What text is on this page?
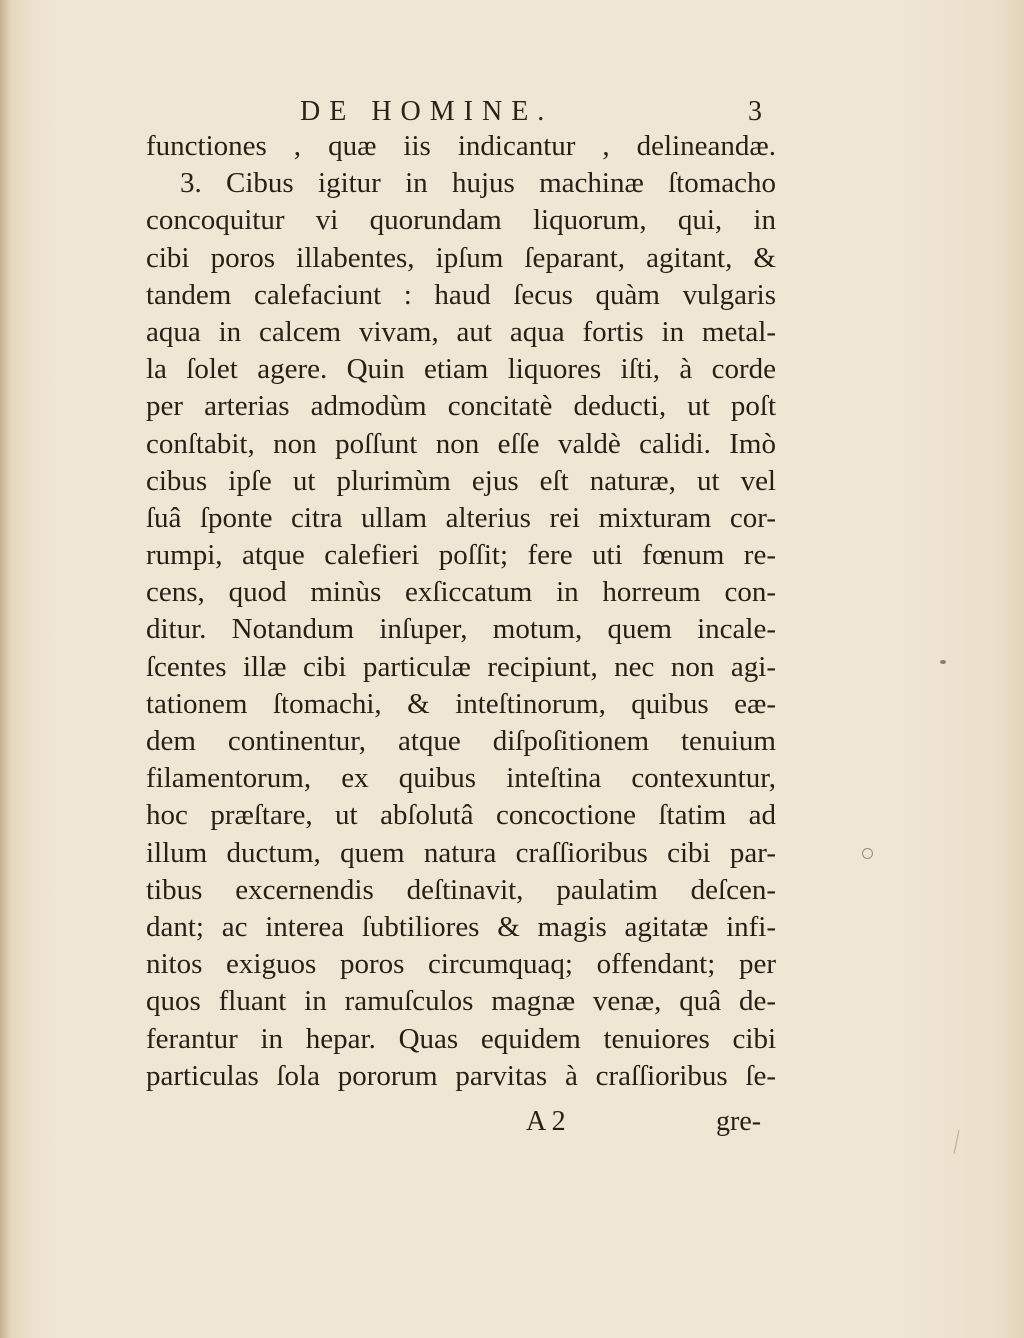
DE HOMINE.	3
functiones , quæ iis indicantur , delineandæ.
3. Cibus igitur in hujus machinæ ſtomacho
concoquitur vi quorundam liquorum, qui, in
cibi poros illabentes, ipſum ſeparant, agitant, &
tandem calefaciunt : haud ſecus quàm vulgaris
aqua in calcem vivam, aut aqua fortis in metal-
la ſolet agere. Quin etiam liquores iſti, à corde
per arterias admodùm concitatè deducti, ut poſt
conſtabit, non poſſunt non eſſe valdè calidi. Imò
cibus ipſe ut plurimùm ejus eſt naturæ, ut vel
ſuâ ſponte citra ullam alterius rei mixturam cor-
rumpi, atque calefieri poſſit; fere uti fœnum re-
cens, quod minùs exſiccatum in horreum con-
ditur. Notandum inſuper, motum, quem incale-
ſcentes illæ cibi particulæ recipiunt, nec non agi-
tationem ſtomachi, & inteſtinorum, quibus eæ-
dem continentur, atque diſpoſitionem tenuium
filamentorum, ex quibus inteſtina contexuntur,
hoc præſtare, ut abſolutâ concoctione ſtatim ad
illum ductum, quem natura craſſioribus cibi par-
tibus excernendis deſtinavit, paulatim deſcen-
dant; ac interea ſubtiliores & magis agitatæ infi-
nitos exiguos poros circumquaq; offendant; per
quos fluant in ramuſculos magnæ venæ, quâ de-
ferantur in hepar. Quas equidem tenuiores cibi
particulas ſola pororum parvitas à craſſioribus ſe-
A 2	gre-
